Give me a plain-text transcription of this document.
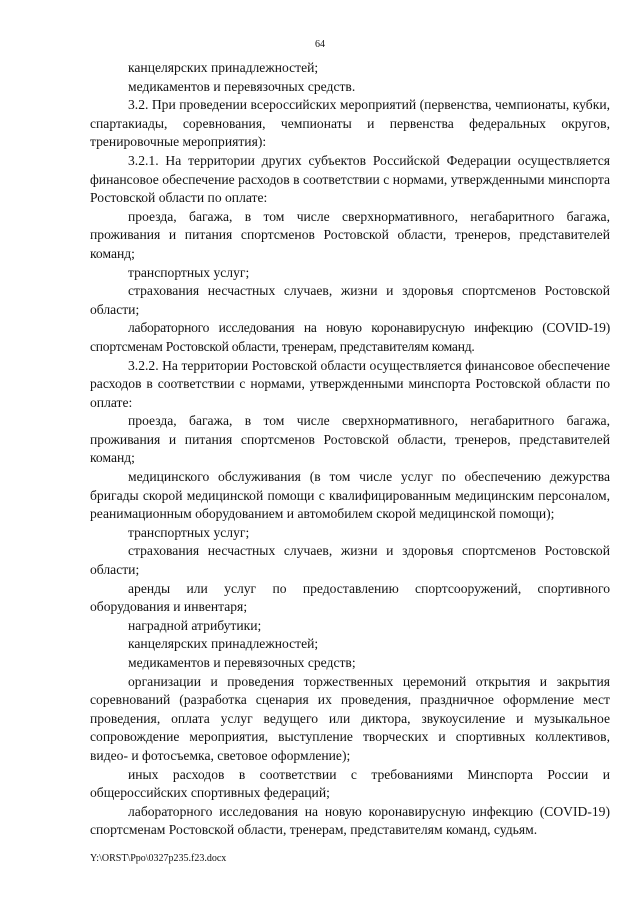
64

канцелярских принадлежностей;

медикаментов и перевязочных средств.

3.2. При проведении всероссийских мероприятий (первенства, чемпионаты, кубки, спартакиады, соревнования, чемпионаты и первенства федеральных округов, тренировочные мероприятия):

3.2.1. На территории других субъектов Российской Федерации осуществляется финансовое обеспечение расходов в соответствии с нормами, утвержденными минспорта Ростовской области по оплате:

проезда, багажа, в том числе сверхнормативного, негабаритного багажа, проживания и питания спортсменов Ростовской области, тренеров, представителей команд;

транспортных услуг;

страхования несчастных случаев, жизни и здоровья спортсменов Ростовской области;

лабораторного исследования на новую коронавирусную инфекцию (COVID-19) спортсменам Ростовской области, тренерам, представителям команд.

3.2.2. На территории Ростовской области осуществляется финансовое обеспечение расходов в соответствии с нормами, утвержденными минспорта Ростовской области по оплате:

проезда, багажа, в том числе сверхнормативного, негабаритного багажа, проживания и питания спортсменов Ростовской области, тренеров, представителей команд;

медицинского обслуживания (в том числе услуг по обеспечению дежурства бригады скорой медицинской помощи с квалифицированным медицинским персоналом, реанимационным оборудованием и автомобилем скорой медицинской помощи);

транспортных услуг;

страхования несчастных случаев, жизни и здоровья спортсменов Ростовской области;

аренды или услуг по предоставлению спортсооружений, спортивного оборудования и инвентаря;

наградной атрибутики;

канцелярских принадлежностей;

медикаментов и перевязочных средств;

организации и проведения торжественных церемоний открытия и закрытия соревнований (разработка сценария их проведения, праздничное оформление мест проведения, оплата услуг ведущего или диктора, звукоусиление и музыкальное сопровождение мероприятия, выступление творческих и спортивных коллективов, видео- и фотосъемка, световое оформление);

иных расходов в соответствии с требованиями Минспорта России и общероссийских спортивных федераций;

лабораторного исследования на новую коронавирусную инфекцию (COVID-19) спортсменам Ростовской области, тренерам, представителям команд, судьям.

Y:\ORST\Ppo\0327p235.f23.docx
